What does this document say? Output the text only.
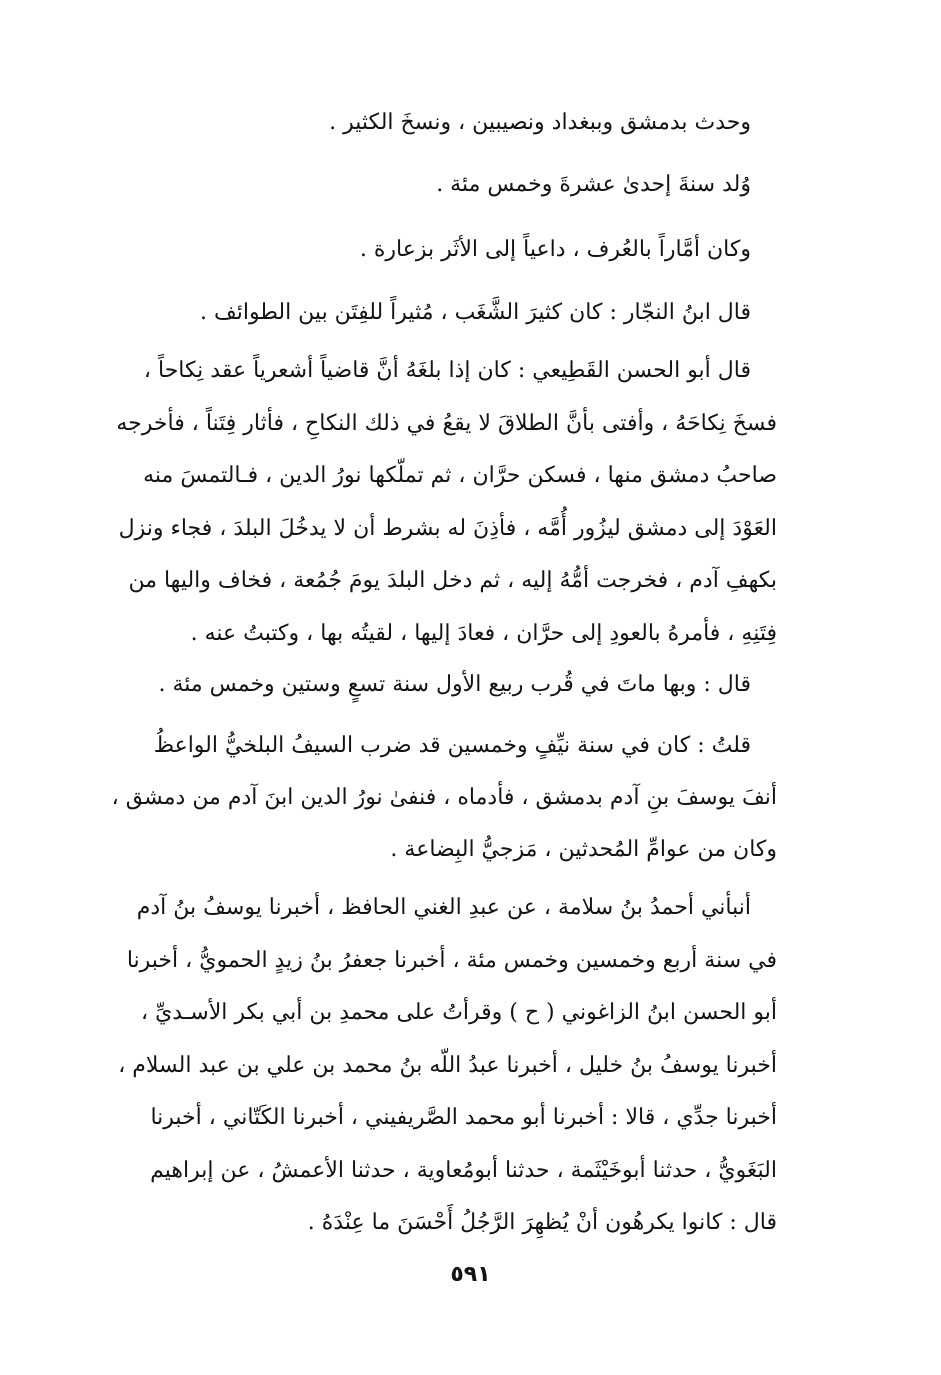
وحدث بدمشق وببغداد ونصيبين ، ونسخَ الكثير .
وُلد سنةَ إحدىٰ عشرةَ وخمس مئة .
وكان أمَّاراً بالعُرف ، داعياً إلى الأثَر بزعارة .
قال ابنُ النجّار : كان كثيرَ الشَّغَب ، مُثيراً للفِتَن بين الطوائف .
قال أبو الحسن القَطِيعي : كان إذا بلغَهُ أنَّ قاضياً أشعرياً عقد نِكاحاً ،
فسخَ نِكاحَهُ ، وأفتى بأنَّ الطلاقَ لا يقعُ في ذلك النكاحِ ، فأثار فِتَناً ، فأخرجه
صاحبُ دمشق منها ، فسكن حرَّان ، ثم تملّكها نورُ الدين ، فـالتمسَ منه
العَوْدَ إلى دمشق ليزُور أُمَّه ، فأذِنَ له بشرط أن لا يدخُلَ البلدَ ، فجاء ونزل
بكهفِ آدم ، فخرجت أمُّهُ إليه ، ثم دخل البلدَ يومَ جُمُعة ، فخاف واليها من
فِتَنِهِ ، فأمرهُ بالعودِ إلى حرَّان ، فعادَ إليها ، لقيتُه بها ، وكتبتُ عنه .
قال : وبها ماتَ في قُرب ربيع الأول سنة تسعٍ وستين وخمس مئة .
قلتُ : كان في سنة نيِّفٍ وخمسين قد ضرب السيفُ البلخيُّ الواعظُ
أنفَ يوسفَ بنِ آدم بدمشق ، فأدماه ، فنفىٰ نورُ الدين ابنَ آدم من دمشق ،
وكان من عوامِّ المُحدثين ، مَزجيُّ البِضاعة .
أنبأني أحمدُ بنُ سلامة ، عن عبدِ الغني الحافظ ، أخبرنا يوسفُ بنُ آدم
في سنة أربع وخمسين وخمس مئة ، أخبرنا جعفرُ بنُ زيدٍ الحمويُّ ، أخبرنا
أبو الحسن ابنُ الزاغوني ( ح ) وقرأتُ على محمدِ بن أبي بكر الأسـديِّ ،
أخبرنا يوسفُ بنُ خليل ، أخبرنا عبدُ اللّه بنُ محمد بن علي بن عبد السلام ،
أخبرنا جدِّي ، قالا : أخبرنا أبو محمد الصَّريفيني ، أخبرنا الكَتّاني ، أخبرنا
البَغَويُّ ، حدثنا أبوخَيْثَمة ، حدثنا أبومُعاوية ، حدثنا الأعمشُ ، عن إبراهيم
قال : كانوا يكرهُون أنْ يُظهِرَ الرَّجُلُ أَحْسَنَ ما عِنْدَهُ .
٥٩١
